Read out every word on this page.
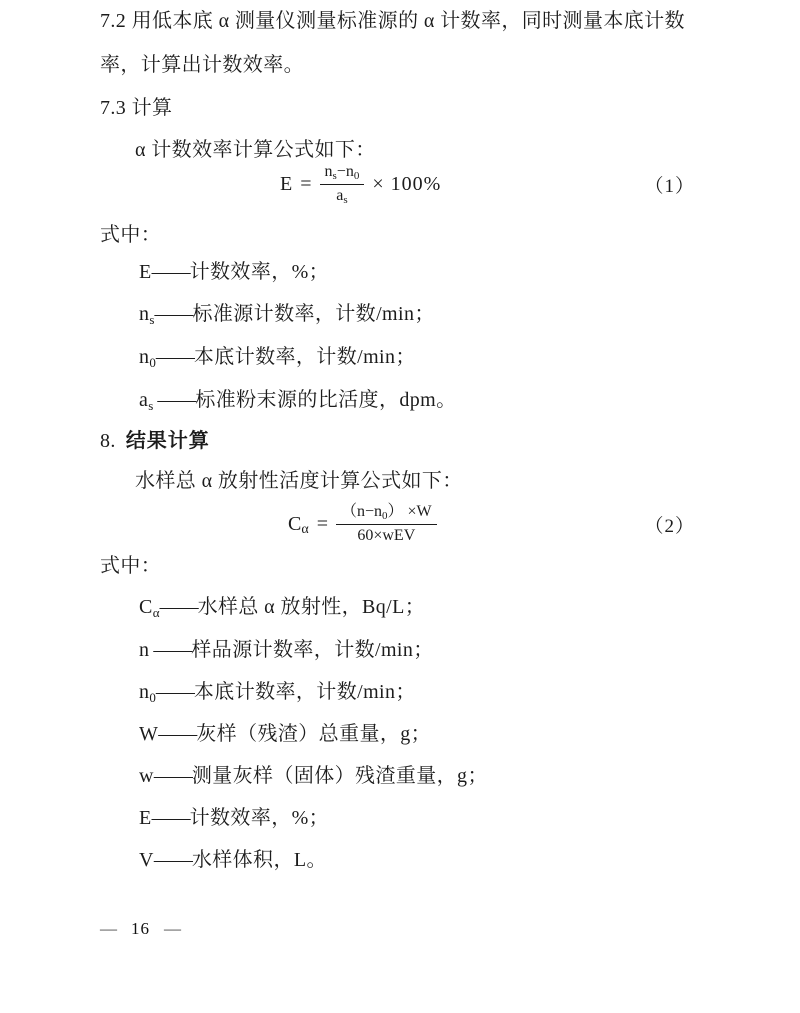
7.2 用低本底 α 测量仪测量标准源的 α 计数率，同时测量本底计数
率，计算出计数效率。
7.3 计算
α 计数效率计算公式如下：
$E = \frac{ns-n0}{as} \times 100\%$	（1）
式中：
E——计数效率，%；
$n_s——$标准源计数率，计数/min；
$n_0——$本底计数率，计数/min；
$a_s$ ——标准粉末源的比活度，dpm。
8. 结果计算
水样总 α 放射性活度计算公式如下：
C $\alpha = \frac{(n-n0) \times W}{\text{60×wEV}}$	（2）
式中：
$C_\alpha——$水样总 α 放射性，Bq/L；
n ——样品源计数率，计数/min；
$n_0——$本底计数率，计数/min；
W——灰样（残渣）总重量，g；
w——测量灰样（固体）残渣重量，g；
E——计数效率，%；
V——水样体积，L。
— 16 —
